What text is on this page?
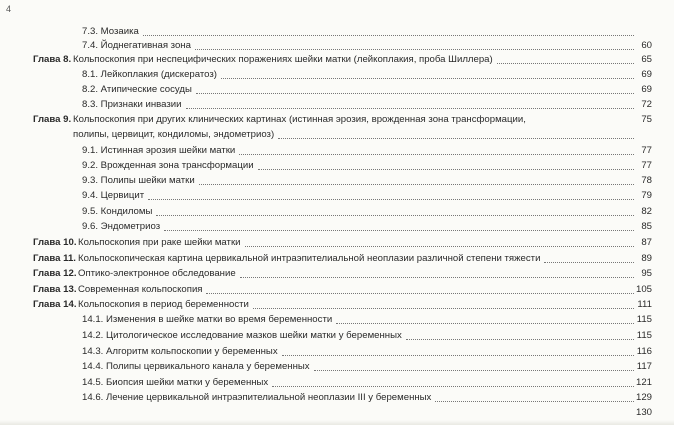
4
7.3. Мозаика
7.4. Йоднегативная зона	60
Глава 8. Кольпоскопия при неспецифических поражениях шейки матки (лейкоплакия, проба Шиллера)	65
8.1. Лейкоплакия (дискератоз)	69
8.2. Атипические сосуды	69
8.3. Признаки инвазии	72
Глава 9. Кольпоскопия при других клинических картинах (истинная эрозия, врожденная зона трансформации,
полипы, цервицит, кондиломы, эндометриоз)
75
9.1. Истинная эрозия шейки матки	77
9.2. Врожденная зона трансформации	77
9.3. Полипы шейки матки	78
9.4. Цервицит	79
9.5. Кондиломы	82
9.6. Эндометриоз	85
Глава 10. Кольпоскопия при раке шейки матки	87
Глава 11. Кольпоскопическая картина цервикальной интраэпителиальной неоплазии различной степени тяжести	89
Глава 12. Оптико-электронное обследование	95
Глава 13. Современная кольпоскопия	105
Глава 14. Кольпоскопия в период беременности	111
14.1. Изменения в шейке матки во время беременности	115
14.2. Цитологическое исследование мазков шейки матки у беременных	115
14.3. Алгоритм кольпоскопии у беременных	116
14.4. Полипы цервикального канала у беременных	117
14.5. Биопсия шейки матки у беременных	121
14.6. Лечение цервикальной интраэпителиальной неоплазии III у беременных	129
130
